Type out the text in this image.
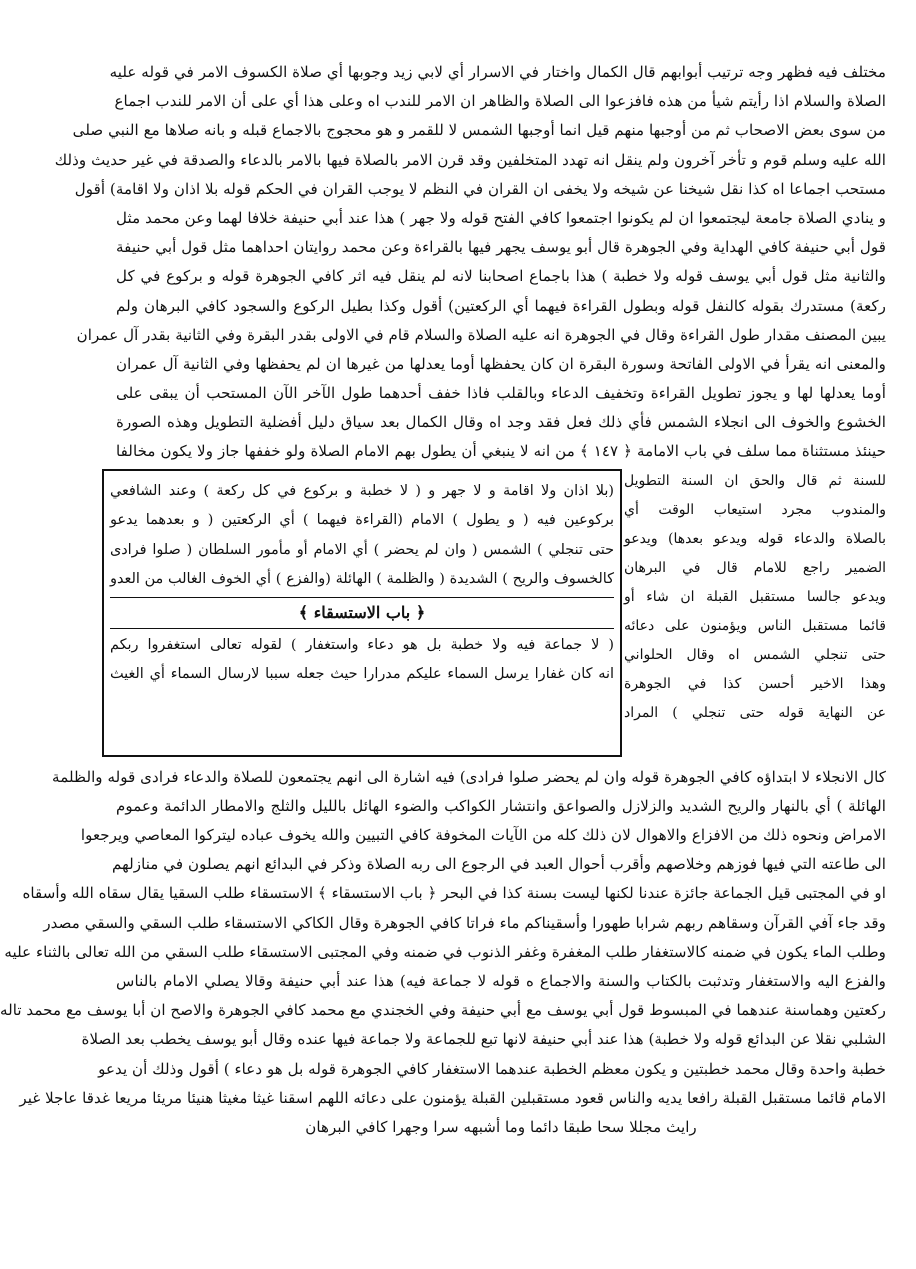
مختلف فيه فظهر وجه ترتيب أبوابهم قال الكمال واختار في الاسرار أي لابي زيد وجوبها أي صلاة الكسوف الامر في قوله عليه
الصلاة والسلام اذا رأيتم شيأ من هذه فافزعوا الى الصلاة والظاهر ان الامر للندب اه وعلى هذا أي على أن الامر للندب اجماع
من سوى بعض الاصحاب ثم من أوجبها منهم قيل انما أوجبها الشمس لا للقمر و هو محجوج بالاجماع قبله و بانه صلاها مع النبي صلى
الله عليه وسلم قوم و تأخر آخرون ولم ينقل انه تهدد المتخلفين وقد قرن الامر بالصلاة فيها بالامر بالدعاء والصدقة في غير حديث وذلك
مستحب اجماعا اه كذا نقل شيخنا عن شيخه ولا يخفى ان القران في النظم لا يوجب القران في الحكم قوله بلا اذان ولا اقامة) أقول
و ينادي الصلاة جامعة ليجتمعوا ان لم يكونوا اجتمعوا كافي الفتح قوله ولا جهر ) هذا عند أبي حنيفة خلافا لهما وعن محمد مثل
قول أبي حنيفة كافي الهداية وفي الجوهرة قال أبو يوسف يجهر فيها بالقراءة وعن محمد روايتان احداهما مثل قول أبي حنيفة
والثانية مثل قول أبي يوسف قوله ولا خطبة ) هذا باجماع اصحابنا لانه لم ينقل فيه اثر كافي الجوهرة قوله و بركوع في كل
ركعة) مستدرك بقوله كالنفل قوله وبطول القراءة فيهما أي الركعتين) أقول وكذا بطيل الركوع والسجود كافي البرهان ولم
يبين المصنف مقدار طول القراءة وقال في الجوهرة انه عليه الصلاة والسلام قام في الاولى بقدر البقرة وفي الثانية بقدر آل عمران
والمعنى انه يقرأ في الاولى الفاتحة وسورة البقرة ان كان يحفظها أوما يعدلها من غيرها ان لم يحفظها وفي الثانية آل عمران
أوما يعدلها لها و يجوز تطويل القراءة وتخفيف الدعاء وبالقلب فاذا خفف أحدهما طول الآخر الآن المستحب أن يبقى على
الخشوع والخوف الى انجلاء الشمس فأي ذلك فعل فقد وجد اه وقال الكمال بعد سياق دليل أفضلية التطويل وهذه الصورة
حينئذ مستثناة مما سلف في باب الامامة ﴿ ١٤٧ ﴾ من انه لا ينبغي أن يطول بهم الامام الصلاة ولو خففها جاز ولا يكون مخالفا
للسنة ثم قال والحق ان السنة التطويل
والمندوب مجرد استيعاب الوقت أي
بالصلاة والدعاء قوله ويدعو بعدها) ويدعو
الضمير راجع للامام قال في البرهان
ويدعو جالسا مستقبل القبلة ان شاء أو
قائما مستقبل الناس ويؤمنون على دعائه
حتى تنجلي الشمس اه وقال الحلواني
وهذا الاخير أحسن كذا في الجوهرة
عن النهاية قوله حتى تنجلي ) المراد
(بلا اذان ولا اقامة و لا جهر و ( لا خطبة و بركوع في كل ركعة ) وعند الشافعي
بركوعين فيه ( و يطول ) الامام (القراءة فيهما ) أي الركعتين ( و بعدهما يدعو
حتى تنجلي ) الشمس ( وان لم يحضر ) أي الامام أو مأمور السلطان ( صلوا فرادى
كالخسوف والريح ) الشديدة ( والظلمة ) الهائلة (والفزع ) أي الخوف الغالب من العدو
﴿ باب الاستسقاء ﴾
( لا جماعة فيه ولا خطبة بل هو دعاء واستغفار ) لقوله تعالى استغفروا ربكم
انه كان غفارا يرسل السماء عليكم مدرارا حيث جعله سببا لارسال السماء أي الغيث
كال الانجلاء لا ابتداؤه كافي الجوهرة قوله وان لم يحضر صلوا فرادى) فيه اشارة الى انهم يجتمعون للصلاة والدعاء فرادى قوله والظلمة
الهائلة ) أي بالنهار والريح الشديد والزلازل والصواعق وانتشار الكواكب والضوء الهائل بالليل والثلج والامطار الدائمة وعموم
الامراض ونحوه ذلك من الافزاع والاهوال لان ذلك كله من الآيات المخوفة كافي التبيين والله يخوف عباده ليتركوا المعاصي ويرجعوا
الى طاعته التي فيها فوزهم وخلاصهم وأقرب أحوال العبد في الرجوع الى ربه الصلاة وذكر في البدائع انهم يصلون في منازلهم
او في المجتبى قيل الجماعة جائزة عندنا لكنها ليست بسنة كذا في البحر ﴿ باب الاستسقاء ﴾ الاستسقاء طلب السقيا يقال سقاه الله وأسقاه
وقد جاء آفي القرآن وسقاهم ربهم شرابا طهورا وأسقيناكم ماء فراتا كافي الجوهرة وقال الكاكي الاستسقاء طلب السقي والسقي مصدر
وطلب الماء يكون في ضمنه كالاستغفار طلب المغفرة وغفر الذنوب في ضمنه وفي المجتبى الاستسقاء طلب السقي من الله تعالى بالثناء عليه
والفزع اليه والاستغفار وتدثبت بالكتاب والسنة والاجماع ه قوله لا جماعة فيه) هذا عند أبي حنيفة وقالا يصلي الامام بالناس
ركعتين وهماسنة عندهما في المبسوط قول أبي يوسف مع أبي حنيفة وفي الخجندي مع محمد كافي الجوهرة والاصح ان أبا يوسف مع محمد تاله
الشلبي نقلا عن البدائع قوله ولا خطبة) هذا عند أبي حنيفة لانها تبع للجماعة ولا جماعة فيها عنده وقال أبو يوسف يخطب بعد الصلاة
خطبة واحدة وقال محمد خطبتين و يكون معظم الخطبة عندهما الاستغفار كافي الجوهرة قوله بل هو دعاء ) أقول وذلك أن يدعو
الامام قائما مستقبل القبلة رافعا يديه والناس قعود مستقبلين القبلة يؤمنون على دعائه اللهم اسقنا غيثا مغيثا هنيئا مريئا مريعا غدقا عاجلا غير
رايث مجللا سحا طبقا دائما وما أشبهه سرا وجهرا كافي البرهان
